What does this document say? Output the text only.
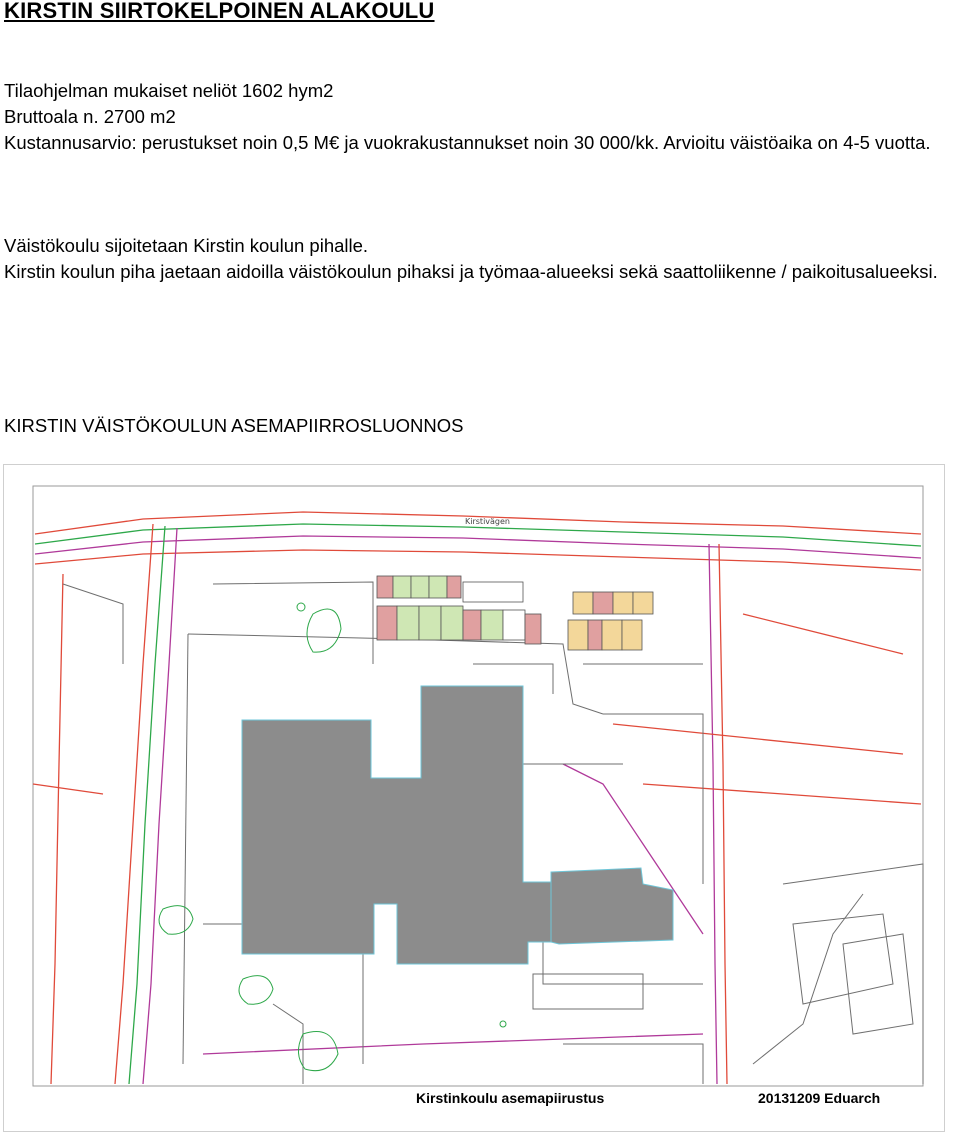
KIRSTIN SIIRTOKELPOINEN ALAKOULU

Tilaohjelman mukaiset neliöt 1602 hym2

Bruttoala n. 2700 m2

Kustannusarvio: perustukset noin 0,5 M€ ja vuokrakustannukset noin 30 000/kk. Arvioitu väistöaika on 4-5 vuotta.

Väistökoulu sijoitetaan Kirstin koulun pihalle.

Kirstin koulun piha jaetaan aidoilla väistökoulun pihaksi ja työmaa-alueeksi sekä saattoliikenne / paikoitusalueeksi.

KIRSTIN VÄISTÖKOULUN ASEMAPIIRROSLUONNOS

Kirstivägen
Kirstinkoulu asemapiirustus	20131209 Eduarch
